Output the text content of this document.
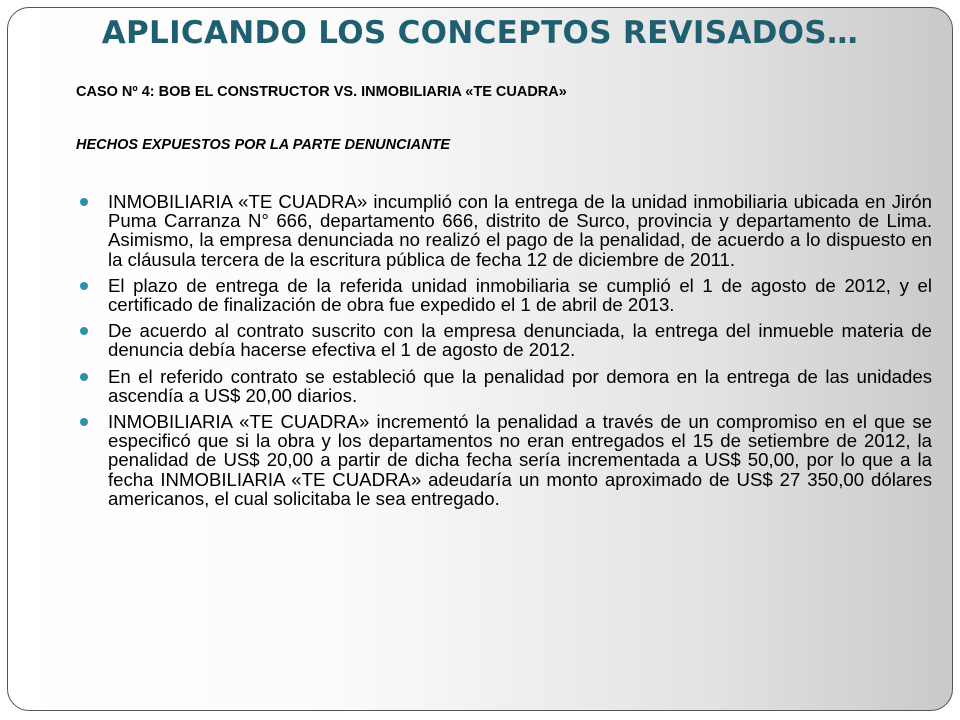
APLICANDO LOS CONCEPTOS REVISADOS…
CASO Nº 4: BOB EL CONSTRUCTOR VS. INMOBILIARIA «TE CUADRA»
HECHOS EXPUESTOS POR LA PARTE DENUNCIANTE
INMOBILIARIA «TE CUADRA» incumplió con la entrega de la unidad inmobiliaria ubicada en Jirón Puma Carranza N° 666, departamento 666, distrito de Surco, provincia y departamento de Lima. Asimismo, la empresa denunciada no realizó el pago de la penalidad, de acuerdo a lo dispuesto en la cláusula tercera de la escritura pública de fecha 12 de diciembre de 2011.
El plazo de entrega de la referida unidad inmobiliaria se cumplió el 1 de agosto de 2012, y el certificado de finalización de obra fue expedido el 1 de abril de 2013.
De acuerdo al contrato suscrito con la empresa denunciada, la entrega del inmueble materia de denuncia debía hacerse efectiva el 1 de agosto de 2012.
En el referido contrato se estableció que la penalidad por demora en la entrega de las unidades ascendía a US$ 20,00 diarios.
INMOBILIARIA «TE CUADRA» incrementó la penalidad a través de un compromiso en el que se especificó que si la obra y los departamentos no eran entregados el 15 de setiembre de 2012, la penalidad de US$ 20,00 a partir de dicha fecha sería incrementada a US$ 50,00, por lo que a la fecha INMOBILIARIA «TE CUADRA» adeudaría un monto aproximado de US$ 27 350,00 dólares americanos, el cual solicitaba le sea entregado.
